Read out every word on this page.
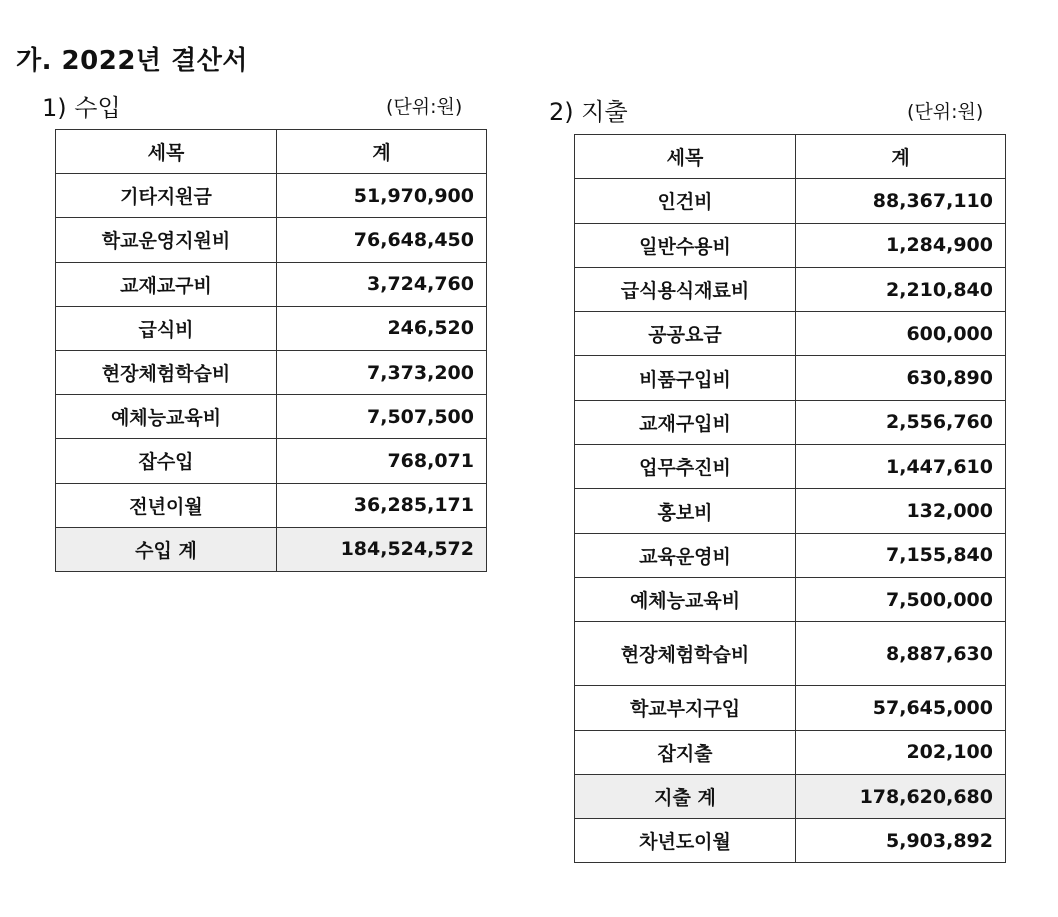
가. 2022년 결산서
1) 수입	(단위:원)	2) 지출	(단위:원)
세목	계
기타지원금	51,970,900
학교운영지원비	76,648,450
교재교구비	3,724,760
급식비	246,520
현장체험학습비	7,373,200
예체능교육비	7,507,500
잡수입	768,071
전년이월	36,285,171
수입 계	184,524,572
세목	계
인건비	88,367,110
일반수용비	1,284,900
급식용식재료비	2,210,840
공공요금	600,000
비품구입비	630,890
교재구입비	2,556,760
업무추진비	1,447,610
홍보비	132,000
교육운영비	7,155,840
예체능교육비	7,500,000
현장체험학습비	8,887,630
학교부지구입	57,645,000
잡지출	202,100
지출 계	178,620,680
차년도이월	5,903,892
